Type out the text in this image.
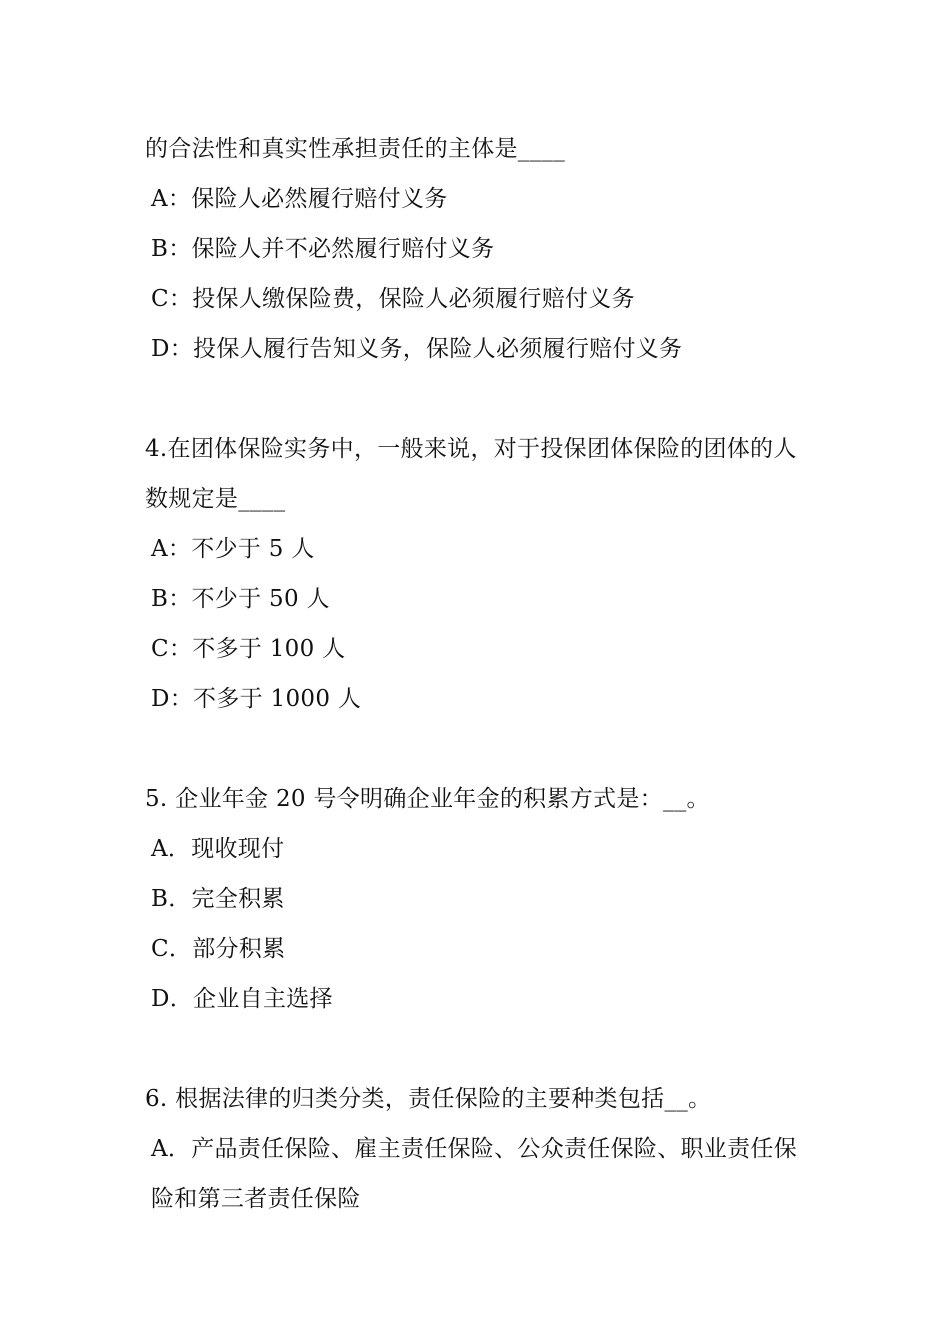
的合法性和真实性承担责任的主体是____

A：保险人必然履行赔付义务

B：保险人并不必然履行赔付义务

C：投保人缴保险费，保险人必须履行赔付义务

D：投保人履行告知义务，保险人必须履行赔付义务

4.在团体保险实务中，一般来说，对于投保团体保险的团体的人数规定是____

A：不少于 5 人

B：不少于 50 人

C：不多于 100 人

D：不多于 1000 人

5. 企业年金 20 号令明确企业年金的积累方式是：__。

A．现收现付

B．完全积累

C．部分积累

D．企业自主选择

6. 根据法律的归类分类，责任保险的主要种类包括__。

A．产品责任保险、雇主责任保险、公众责任保险、职业责任保险和第三者责任保险
